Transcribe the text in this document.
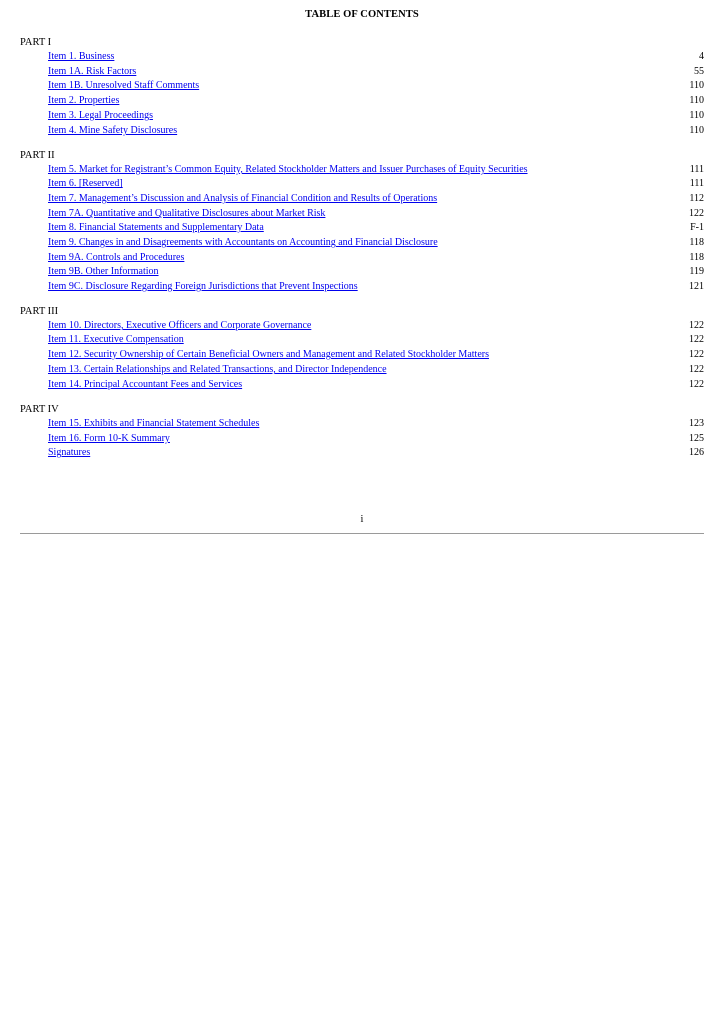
TABLE OF CONTENTS
PART I
Item 1. Business	4
Item 1A. Risk Factors	55
Item 1B. Unresolved Staff Comments	110
Item 2. Properties	110
Item 3. Legal Proceedings	110
Item 4. Mine Safety Disclosures	110
PART II
Item 5. Market for Registrant’s Common Equity, Related Stockholder Matters and Issuer Purchases of Equity Securities	111
Item 6. [Reserved]	111
Item 7. Management’s Discussion and Analysis of Financial Condition and Results of Operations	112
Item 7A. Quantitative and Qualitative Disclosures about Market Risk	122
Item 8. Financial Statements and Supplementary Data	F-1
Item 9. Changes in and Disagreements with Accountants on Accounting and Financial Disclosure	118
Item 9A. Controls and Procedures	118
Item 9B. Other Information	119
Item 9C. Disclosure Regarding Foreign Jurisdictions that Prevent Inspections	121
PART III
Item 10. Directors, Executive Officers and Corporate Governance	122
Item 11. Executive Compensation	122
Item 12. Security Ownership of Certain Beneficial Owners and Management and Related Stockholder Matters	122
Item 13. Certain Relationships and Related Transactions, and Director Independence	122
Item 14. Principal Accountant Fees and Services	122
PART IV
Item 15. Exhibits and Financial Statement Schedules	123
Item 16. Form 10-K Summary	125
Signatures	126
i
